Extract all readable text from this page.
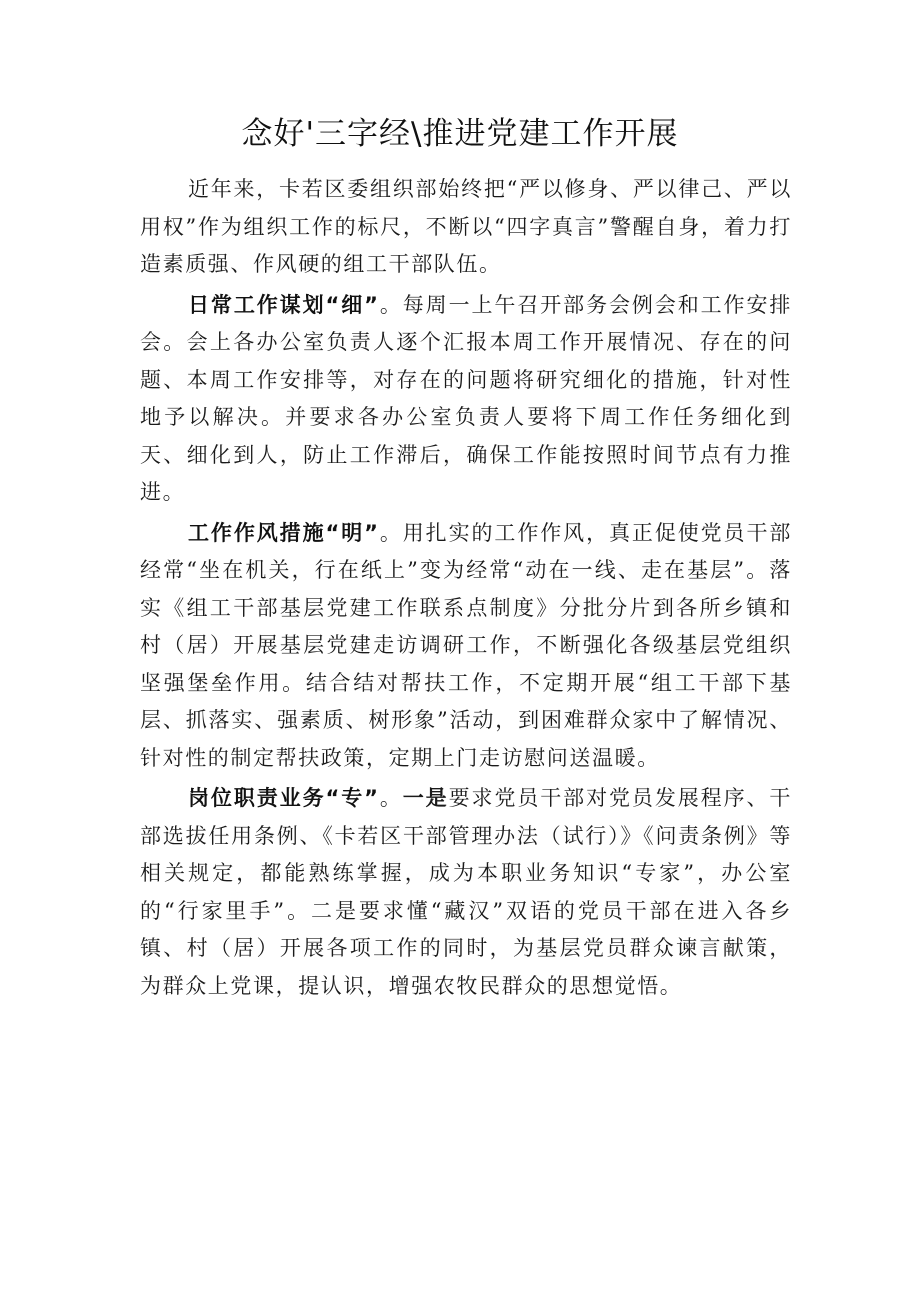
念好'三字经\推进党建工作开展

近年来，卡若区委组织部始终把“严以修身、严以律己、严以用权”作为组织工作的标尺，不断以“四字真言”警醒自身，着力打造素质强、作风硬的组工干部队伍。

日常工作谋划“细”。每周一上午召开部务会例会和工作安排会。会上各办公室负责人逐个汇报本周工作开展情况、存在的问题、本周工作安排等，对存在的问题将研究细化的措施，针对性地予以解决。并要求各办公室负责人要将下周工作任务细化到天、细化到人，防止工作滞后，确保工作能按照时间节点有力推进。

工作作风措施“明”。用扎实的工作作风，真正促使党员干部经常“坐在机关，行在纸上”变为经常“动在一线、走在基层”。落实《组工干部基层党建工作联系点制度》分批分片到各所乡镇和村（居）开展基层党建走访调研工作，不断强化各级基层党组织坚强堡垒作用。结合结对帮扶工作，不定期开展“组工干部下基层、抓落实、强素质、树形象”活动，到困难群众家中了解情况、针对性的制定帮扶政策，定期上门走访慰问送温暖。

岗位职责业务“专”。一是要求党员干部对党员发展程序、干部选拔任用条例、《卡若区干部管理办法（试行）》《问责条例》等相关规定，都能熟练掌握，成为本职业务知识“专家”，办公室的“行家里手”。二是要求懂“藏汉”双语的党员干部在进入各乡镇、村（居）开展各项工作的同时，为基层党员群众谏言献策，为群众上党课，提认识，增强农牧民群众的思想觉悟。
